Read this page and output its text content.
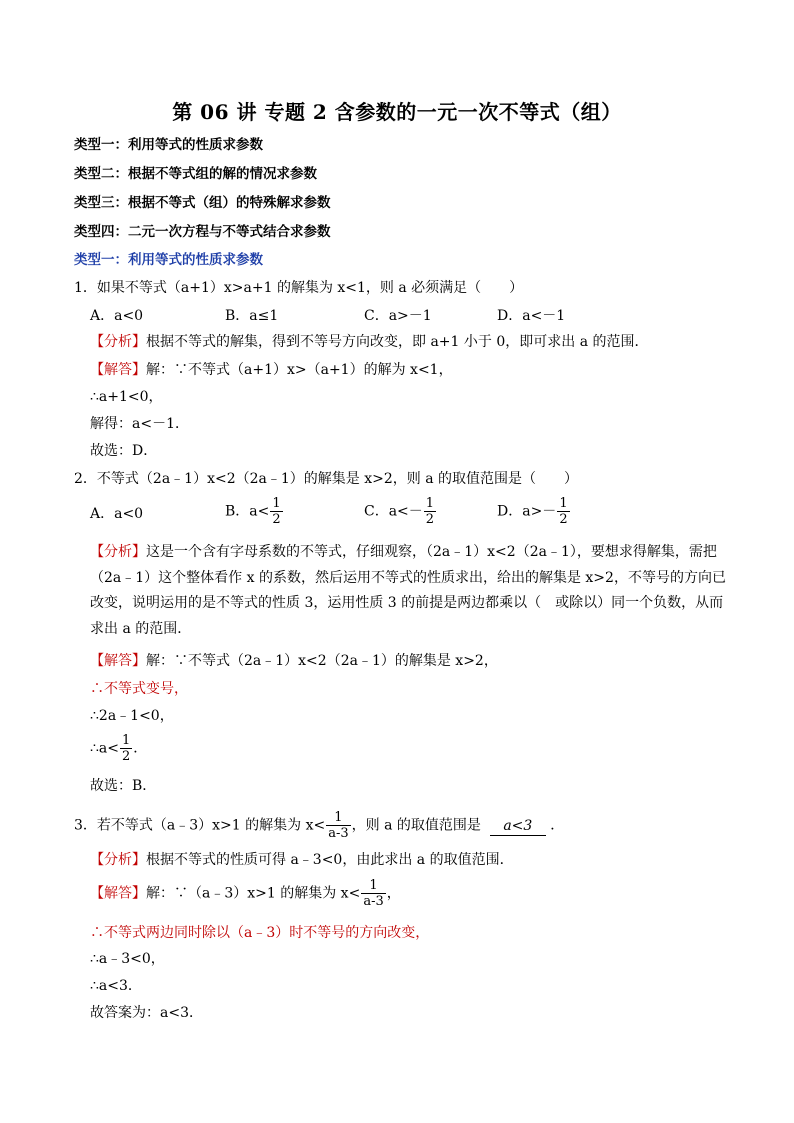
第 06 讲 专题 2 含参数的一元一次不等式（组）
类型一：利用等式的性质求参数
类型二：根据不等式组的解的情况求参数
类型三：根据不等式（组）的特殊解求参数
类型四：二元一次方程与不等式结合求参数
类型一：利用等式的性质求参数
1．如果不等式（a+1）x>a+1 的解集为 x<1，则 a 必须满足（　　）
A．a<0	B．a≤1	C．a>－1	D．a<－1
【分析】根据不等式的解集，得到不等号方向改变，即 a+1 小于 0，即可求出 a 的范围．
【解答】解：∵不等式（a+1）x>（a+1）的解为 x<1，
∴a+1<0，
解得：a<－1．
故选：D．
2．不等式（2a﹣1）x<2（2a﹣1）的解集是 x>2，则 a 的取值范围是（　　）
A．a<0	B．$a< \frac{1}{2}$	C．$a<- \frac{1}{2}$	D．$a>- \frac{1}{2}$
【分析】这是一个含有字母系数的不等式，仔细观察，（2a﹣1）x<2（2a﹣1），要想求得解集，需把（2a﹣1）这个整体看作 x 的系数，然后运用不等式的性质求出，给出的解集是 x>2，不等号的方向已改变，说明运用的是不等式的性质 3，运用性质 3 的前提是两边都乘以（　或除以）同一个负数，从而求出 a 的范围．
【解答】解：∵不等式（2a﹣1）x<2（2a﹣1）的解集是 x>2，
∴不等式变号，
∴2a﹣1<0，
∴a< $\frac{1}{2}$ ．
故选：B．
3．若不等式（a﹣3）x>1 的解集为 $x< \frac{1}{a-3}$ ，则 a 的取值范围是 a<3 ．
【分析】根据不等式的性质可得 a﹣3<0，由此求出 a 的取值范围．
【解答】解：∵（a﹣3）x>1 的解集为 $x< \frac{1}{a-3}$ ，
∴不等式两边同时除以（a﹣3）时不等号的方向改变，
∴a﹣3<0，
∴a<3．
故答案为：a<3．
